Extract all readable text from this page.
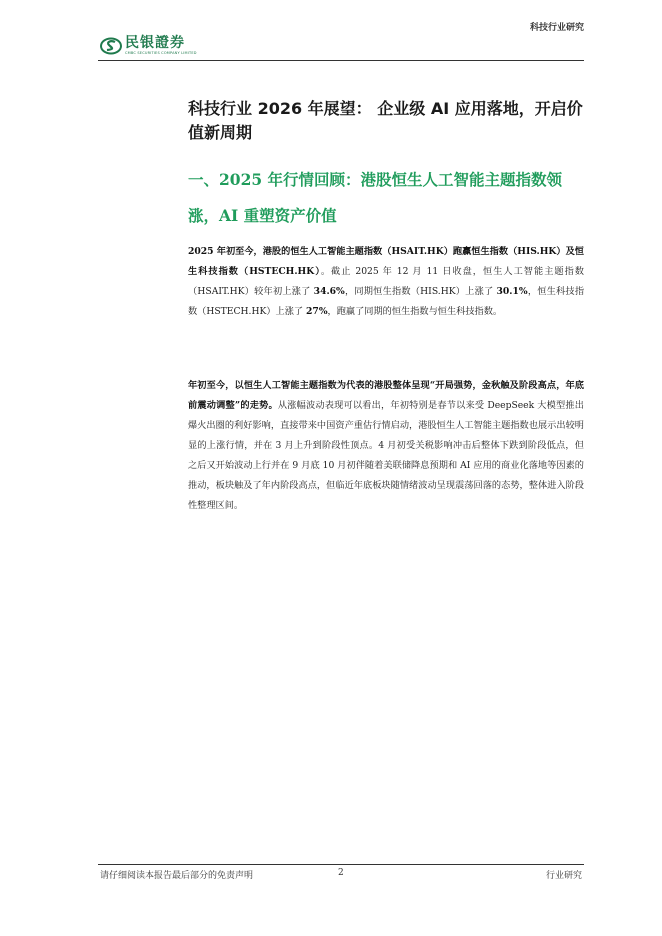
科技行业研究
民银證券
CMBC SECURITIES COMPANY LIMITED
科技行业 2026 年展望： 企业级 AI 应用落地，开启价值新周期
一、2025 年行情回顾：港股恒生人工智能主题指数领涨，AI 重塑资产价值

2025 年初至今，港股的恒生人工智能主题指数（HSAIT.HK）跑赢恒生指数（HIS.HK）及恒生科技指数（HSTECH.HK）。截止 2025 年 12 月 11 日收盘，恒生人工智能主题指数（HSAIT.HK）较年初上涨了 34.6%，同期恒生指数（HIS.HK）上涨了 30.1%，恒生科技指数（HSTECH.HK）上涨了 27%，跑赢了同期的恒生指数与恒生科技指数。

年初至今，以恒生人工智能主题指数为代表的港股整体呈现“开局强势，金秋触及阶段高点，年底前震动调整”的走势。从涨幅波动表现可以看出，年初特别是春节以来受 DeepSeek 大模型推出爆火出圈的利好影响，直接带来中国资产重估行情启动，港股恒生人工智能主题指数也展示出较明显的上涨行情，并在 3 月上升到阶段性顶点。4 月初受关税影响冲击后整体下跌到阶段低点，但之后又开始波动上行并在 9 月底 10 月初伴随着美联储降息预期和 AI 应用的商业化落地等因素的推动，板块触及了年内阶段高点，但临近年底板块随情绪波动呈现震荡回落的态势，整体进入阶段性整理区间。

请仔细阅读本报告最后部分的免责声明	2	行业研究
